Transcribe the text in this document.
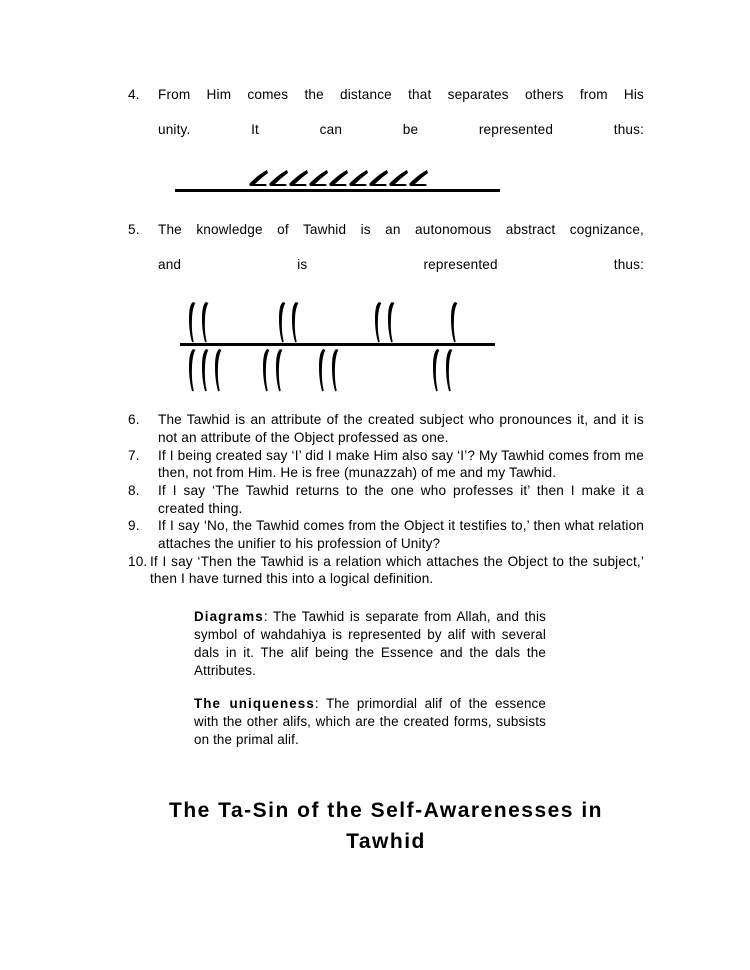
4.	From Him comes the distance that separates others from His
unity. It can be represented thus:
5.	The knowledge of Tawhid is an autonomous abstract cognizance,
and is represented thus:
6.	The Tawhid is an attribute of the created subject who pronounces it, and it is not an attribute of the Object professed as one.
7.	If I being created say ‘I’ did I make Him also say ‘I’? My Tawhid comes from me then, not from Him. He is free (munazzah) of me and my Tawhid.
8.	If I say ‘The Tawhid returns to the one who professes it’ then I make it a created thing.
9.	If I say ‘No, the Tawhid comes from the Object it testifies to,’ then what relation attaches the unifier to his profession of Unity?
10. If I say ‘Then the Tawhid is a relation which attaches the Object to the subject,’ then I have turned this into a logical definition.
Diagrams: The Tawhid is separate from Allah, and this symbol of wahdahiya is represented by alif with several dals in it. The alif being the Essence and the dals the Attributes.
The uniqueness: The primordial alif of the essence with the other alifs, which are the created forms, subsists on the primal alif.
The Ta-Sin of the Self-Awarenesses in
Tawhid
